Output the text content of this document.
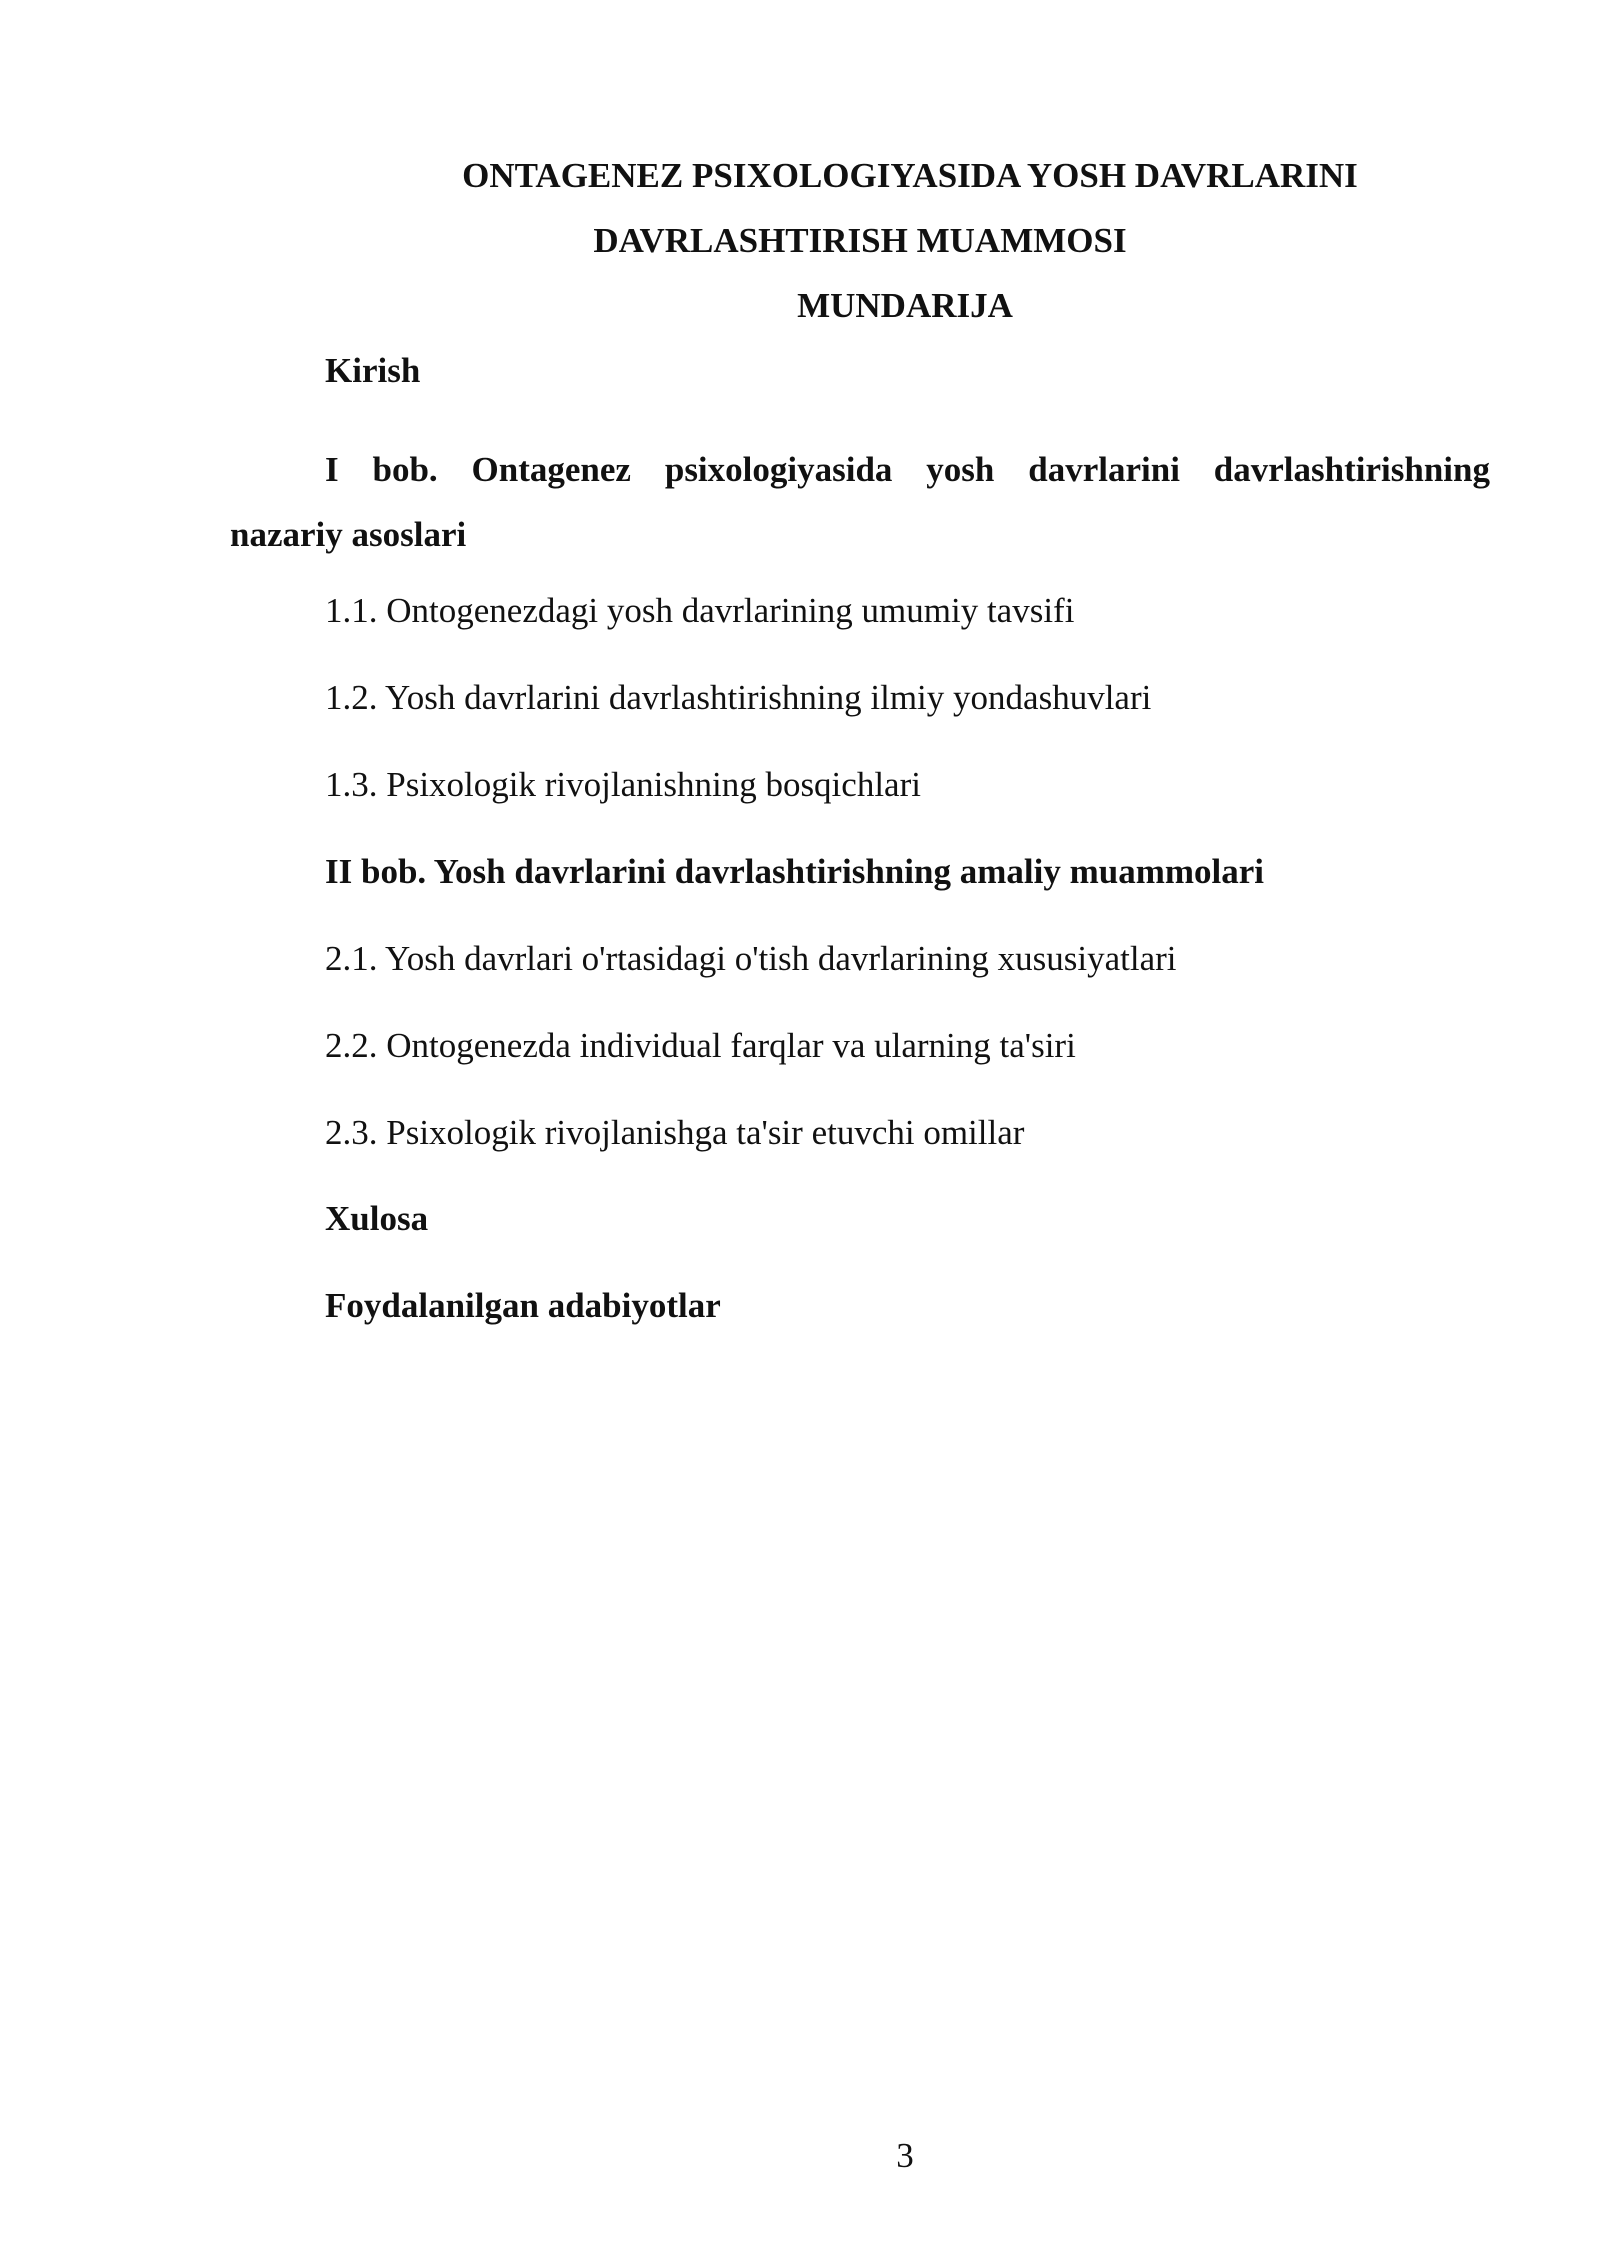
ONTAGENEZ PSIXOLOGIYASIDA YOSH DAVRLARINI
DAVRLASHTIRISH MUAMMOSI
MUNDARIJA
Kirish
I bob. Ontagenez psixologiyasida yosh davrlarini davrlashtirishning
nazariy asoslari
1.1. Ontogenezdagi yosh davrlarining umumiy tavsifi
1.2. Yosh davrlarini davrlashtirishning ilmiy yondashuvlari
1.3. Psixologik rivojlanishning bosqichlari
II bob. Yosh davrlarini davrlashtirishning amaliy muammolari
2.1. Yosh davrlari o'rtasidagi o'tish davrlarining xususiyatlari
2.2. Ontogenezda individual farqlar va ularning ta'siri
2.3. Psixologik rivojlanishga ta'sir etuvchi omillar
Xulosa
Foydalanilgan adabiyotlar
3
